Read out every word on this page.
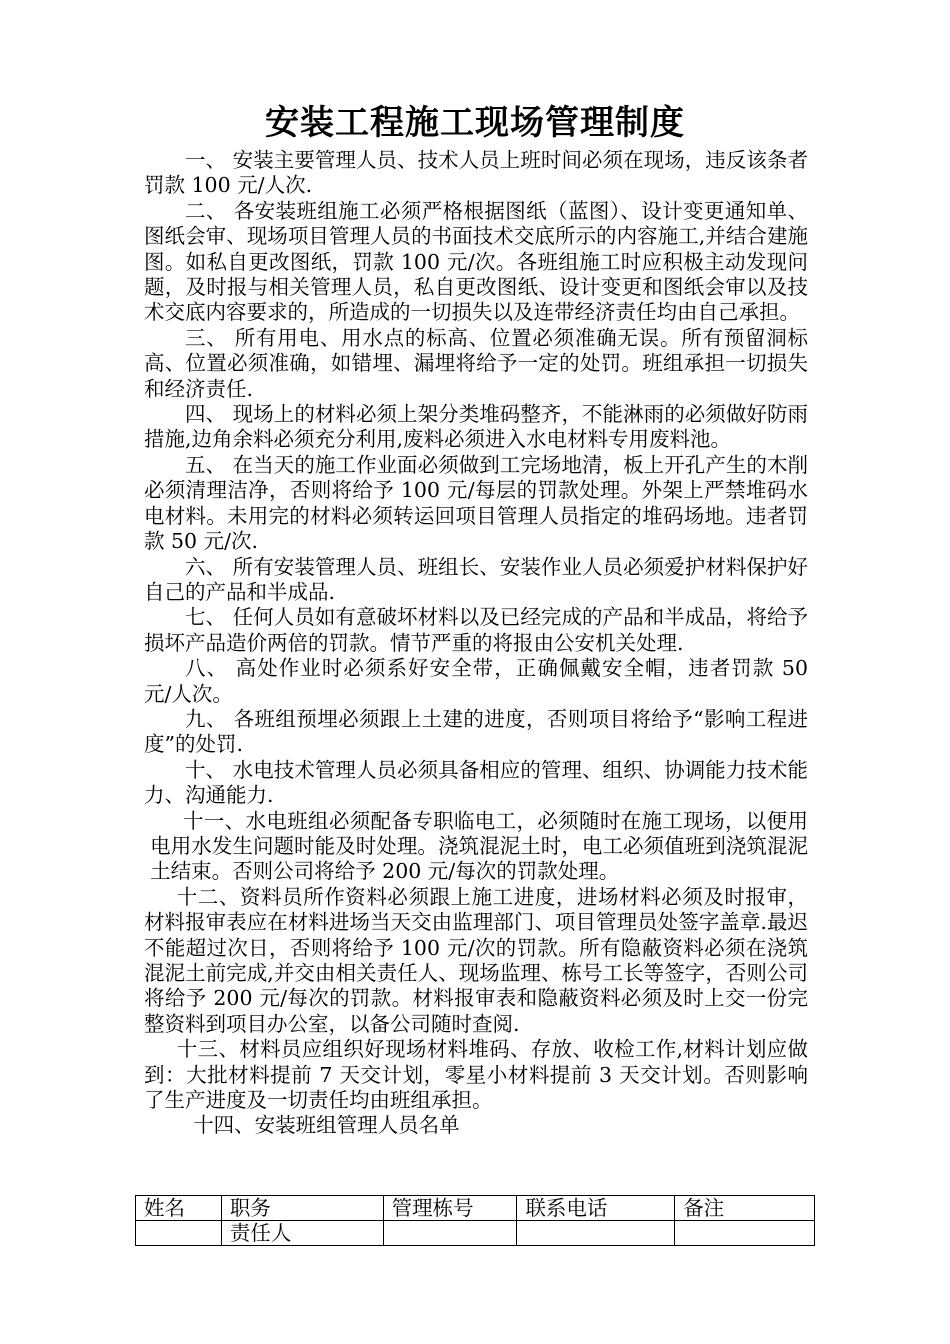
安装工程施工现场管理制度

一、 安装主要管理人员、技术人员上班时间必须在现场，违反该条者罚款 100 元/人次.

二、 各安装班组施工必须严格根据图纸（蓝图）、设计变更通知单、图纸会审、现场项目管理人员的书面技术交底所示的内容施工,并结合建施图。如私自更改图纸，罚款 100 元/次。各班组施工时应积极主动发现问题，及时报与相关管理人员，私自更改图纸、设计变更和图纸会审以及技术交底内容要求的，所造成的一切损失以及连带经济责任均由自己承担。

三、 所有用电、用水点的标高、位置必须准确无误。所有预留洞标高、位置必须准确，如错埋、漏埋将给予一定的处罚。班组承担一切损失和经济责任.

四、 现场上的材料必须上架分类堆码整齐，不能淋雨的必须做好防雨措施,边角余料必须充分利用,废料必须进入水电材料专用废料池。

五、 在当天的施工作业面必须做到工完场地清，板上开孔产生的木削必须清理洁净，否则将给予 100 元/每层的罚款处理。外架上严禁堆码水电材料。未用完的材料必须转运回项目管理人员指定的堆码场地。违者罚款 50 元/次.

六、 所有安装管理人员、班组长、安装作业人员必须爱护材料保护好自己的产品和半成品.

七、 任何人员如有意破坏材料以及已经完成的产品和半成品，将给予损坏产品造价两倍的罚款。情节严重的将报由公安机关处理.

八、 高处作业时必须系好安全带，正确佩戴安全帽，违者罚款 50 元/人次。

九、 各班组预埋必须跟上土建的进度，否则项目将给予“影响工程进度”的处罚.

十、 水电技术管理人员必须具备相应的管理、组织、协调能力技术能力、沟通能力.

十一、水电班组必须配备专职临电工，必须随时在施工现场，以便用电用水发生问题时能及时处理。浇筑混泥土时，电工必须值班到浇筑混泥土结束。否则公司将给予 200 元/每次的罚款处理。

十二、资料员所作资料必须跟上施工进度，进场材料必须及时报审，材料报审表应在材料进场当天交由监理部门、项目管理员处签字盖章.最迟不能超过次日，否则将给予 100 元/次的罚款。所有隐蔽资料必须在浇筑混泥土前完成,并交由相关责任人、现场监理、栋号工长等签字，否则公司将给予 200 元/每次的罚款。材料报审表和隐蔽资料必须及时上交一份完整资料到项目办公室，以备公司随时查阅.

十三、材料员应组织好现场材料堆码、存放、收检工作,材料计划应做到：大批材料提前 7 天交计划，零星小材料提前 3 天交计划。否则影响了生产进度及一切责任均由班组承担。

十四、安装班组管理人员名单

姓名	职务	管理栋号	联系电话	备注
	责任人			
